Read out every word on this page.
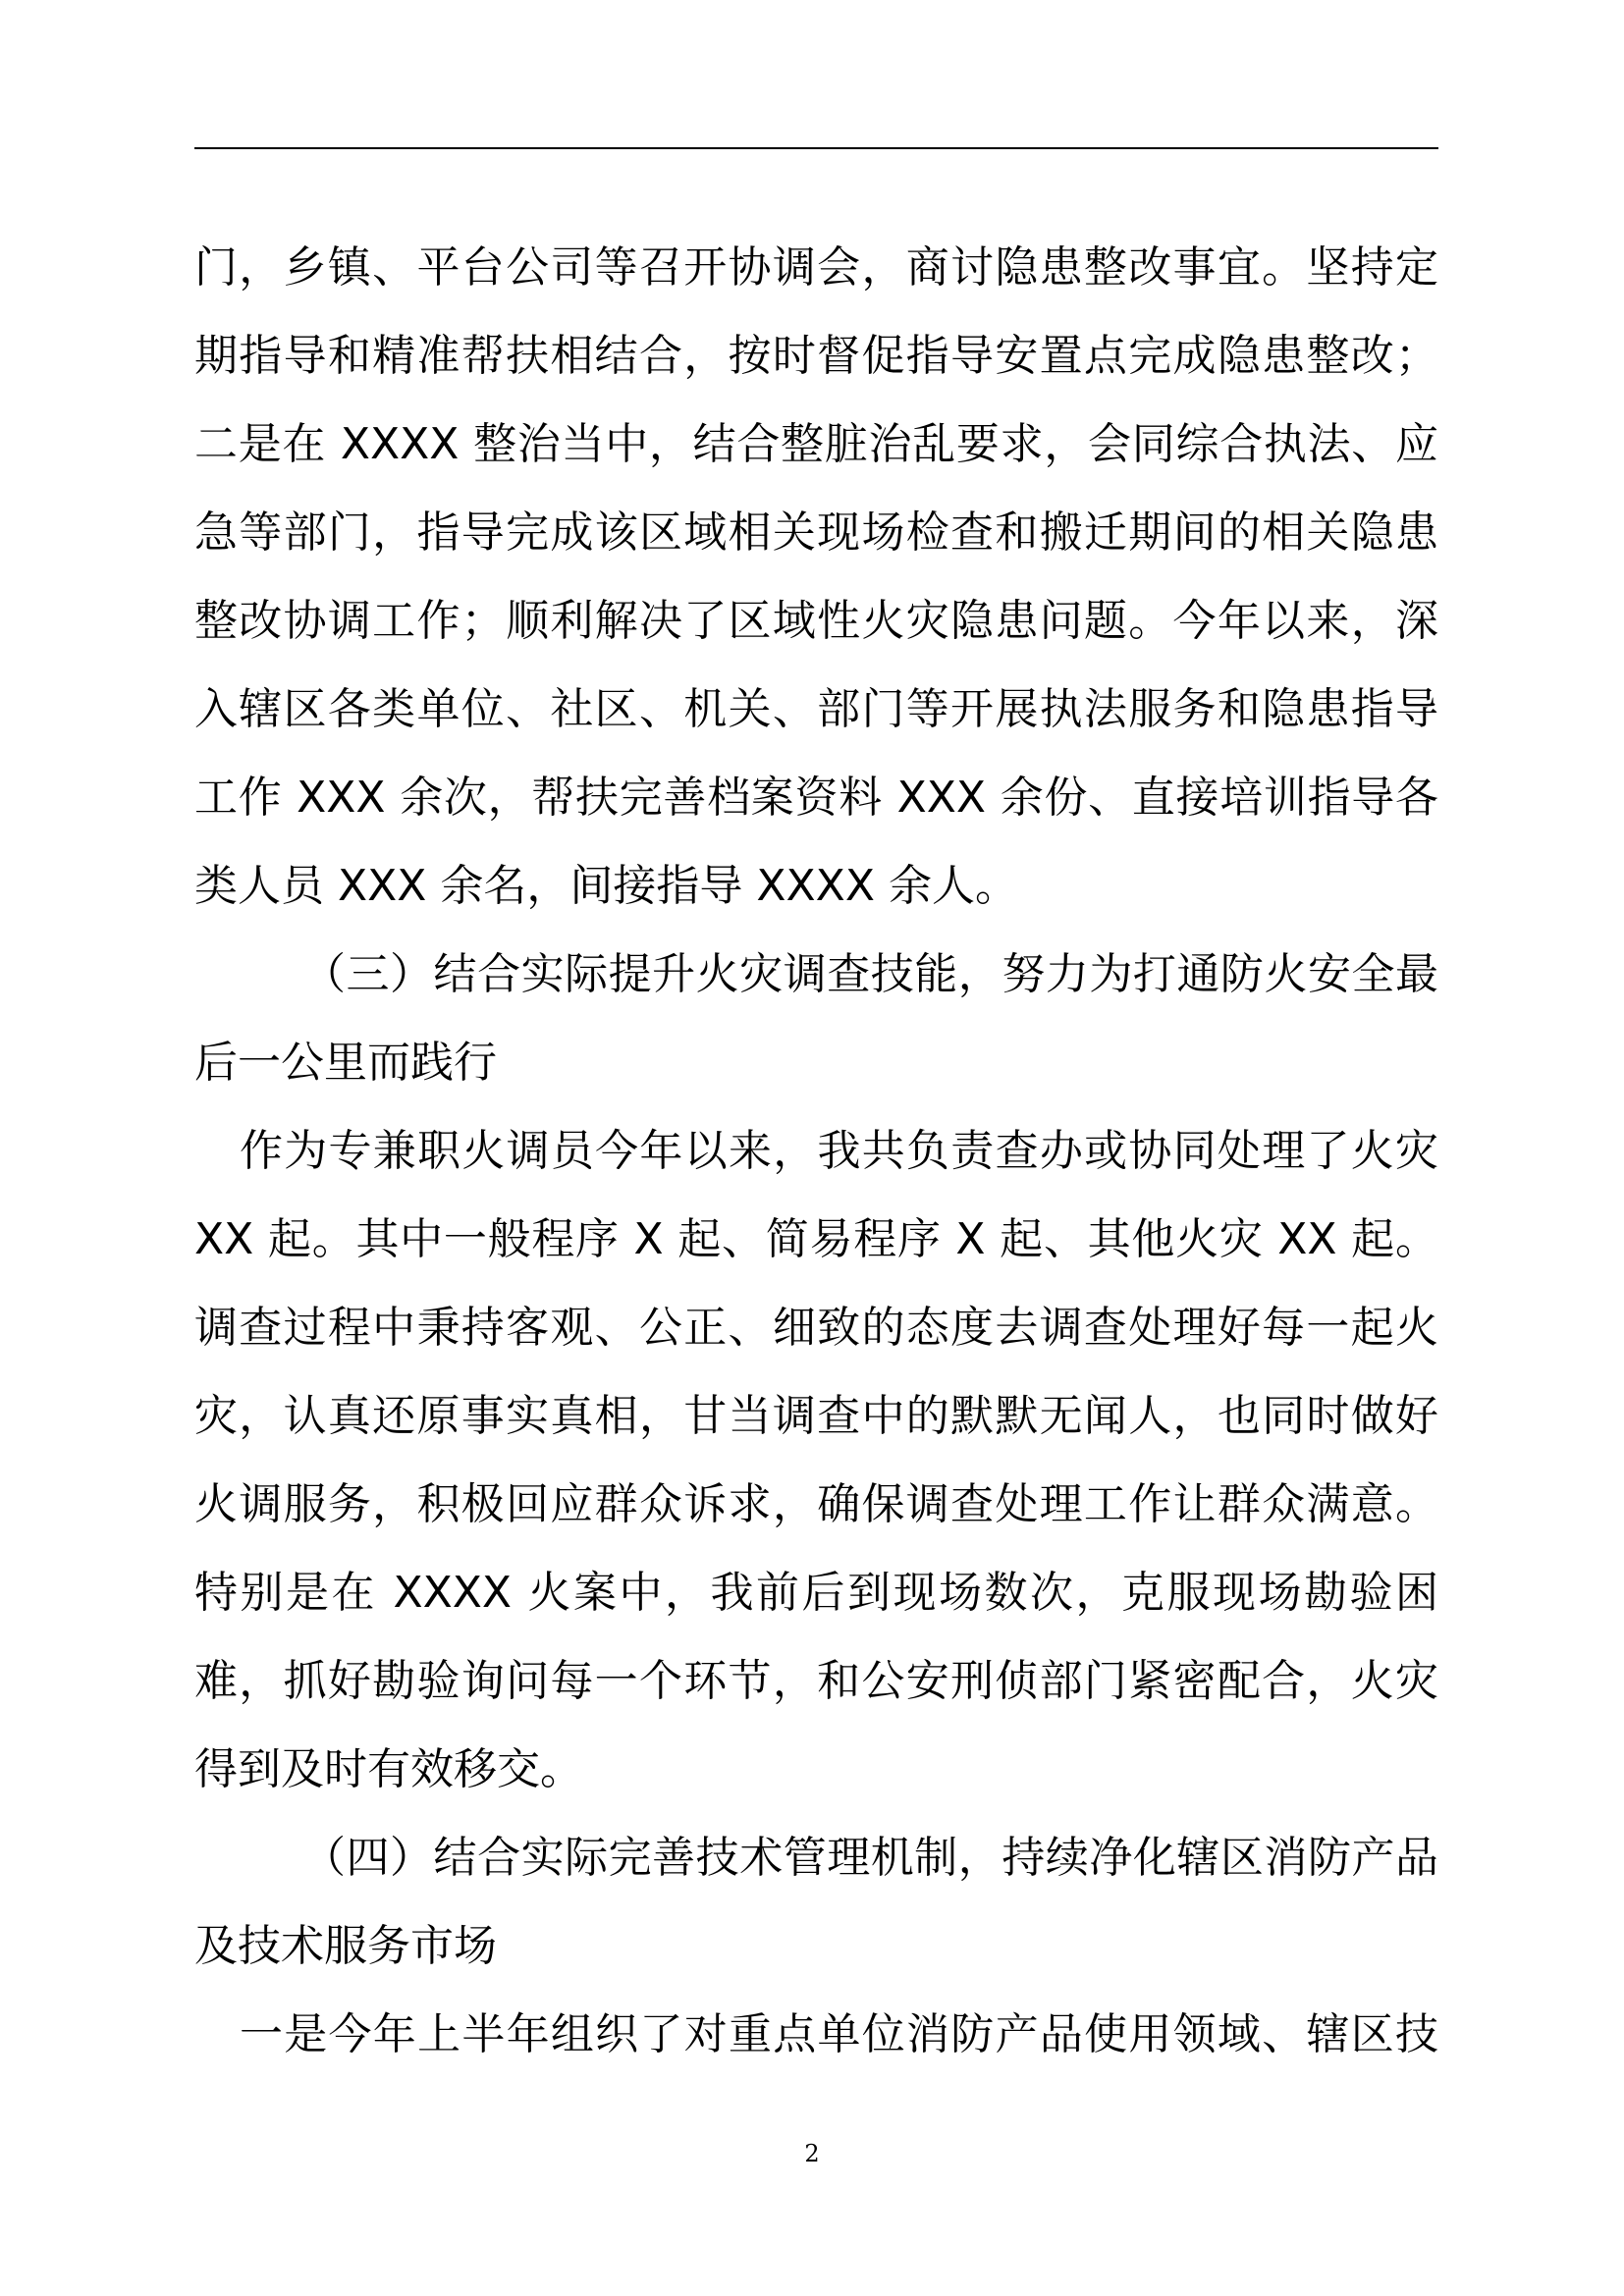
门，乡镇、平台公司等召开协调会，商讨隐患整改事宜。坚持定
期指导和精准帮扶相结合，按时督促指导安置点完成隐患整改；
二是在 XXXX 整治当中，结合整脏治乱要求，会同综合执法、应
急等部门，指导完成该区域相关现场检查和搬迁期间的相关隐患
整改协调工作；顺利解决了区域性火灾隐患问题。今年以来，深
入辖区各类单位、社区、机关、部门等开展执法服务和隐患指导
工作 XXX 余次，帮扶完善档案资料 XXX 余份、直接培训指导各
类人员 XXX 余名，间接指导 XXXX 余人。
（三）结合实际提升火灾调查技能，努力为打通防火安全最
后一公里而践行
作为专兼职火调员今年以来，我共负责查办或协同处理了火灾
XX 起。其中一般程序 X 起、简易程序 X 起、其他火灾 XX 起。
调查过程中秉持客观、公正、细致的态度去调查处理好每一起火
灾，认真还原事实真相，甘当调查中的默默无闻人，也同时做好
火调服务，积极回应群众诉求，确保调查处理工作让群众满意。
特别是在 XXXX 火案中，我前后到现场数次，克服现场勘验困
难，抓好勘验询问每一个环节，和公安刑侦部门紧密配合，火灾
得到及时有效移交。
（四）结合实际完善技术管理机制，持续净化辖区消防产品
及技术服务市场
一是今年上半年组织了对重点单位消防产品使用领域、辖区技
2
